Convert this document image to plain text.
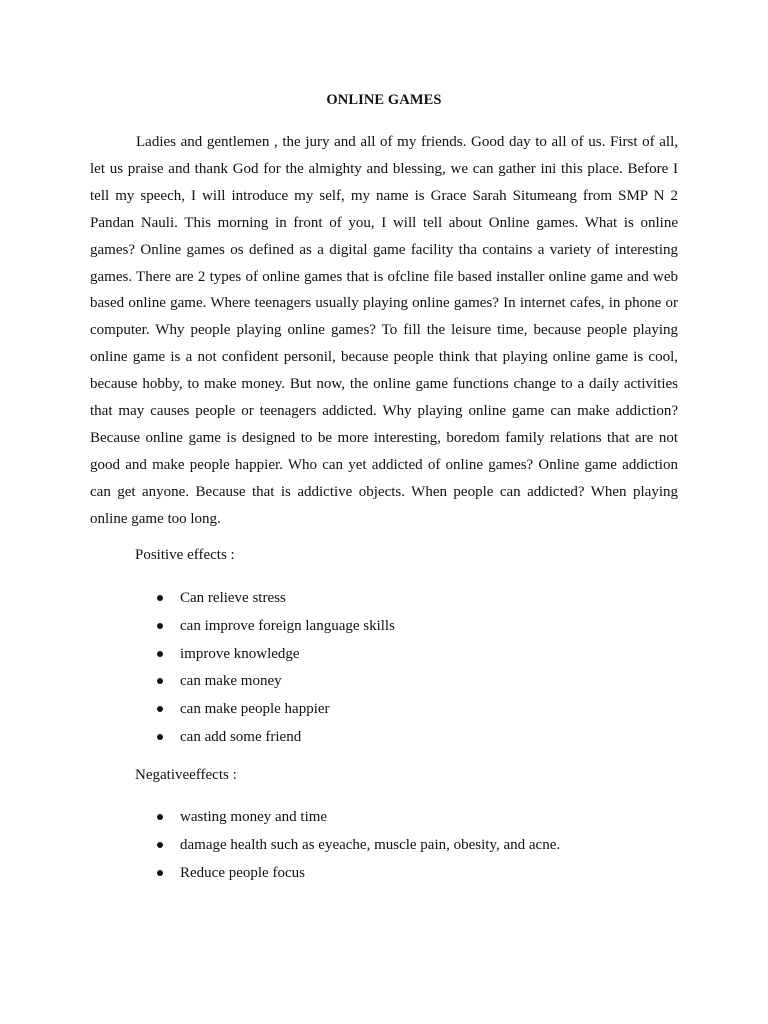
ONLINE GAMES

Ladies and gentlemen , the jury and all of my friends. Good day to all of us. First of all, let us praise and thank God for the almighty and blessing, we can gather ini this place. Before I tell my speech, I will introduce my self, my name is Grace Sarah Situmeang from SMP N 2 Pandan Nauli. This morning in front of you, I will tell about Online games. What is online games? Online games os defined as a digital game facility tha contains a variety of interesting games. There are 2 types of online games that is ofcline file based installer online game and web based online game. Where teenagers usually playing online games? In internet cafes, in phone or computer. Why people playing online games? To fill the leisure time, because people playing online game is a not confident personil, because people think that playing online game is cool, because hobby, to make money. But now, the online game functions change to a daily activities that may causes people or teenagers addicted. Why playing online game can make addiction? Because online game is designed to be more interesting, boredom family relations that are not good and make people happier. Who can yet addicted of online games? Online game addiction can get anyone. Because that is addictive objects. When people can addicted? When playing online game too long.

Positive effects :

Can relieve stress
can improve foreign language skills
improve knowledge
can make money
can make people happier
can add some friend

Negativeeffects :

wasting money and time
damage health such as eyeache, muscle pain, obesity, and acne.
Reduce people focus
